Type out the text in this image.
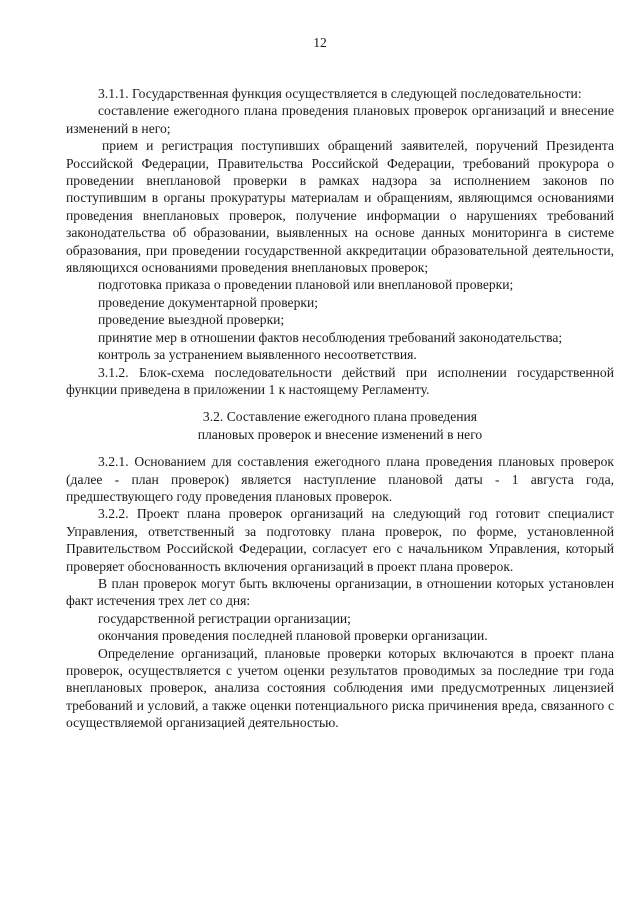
12

3.1.1. Государственная функция осуществляется в следующей последовательности:

составление ежегодного плана проведения плановых проверок организаций и внесение изменений в него;

прием и регистрация поступивших обращений заявителей, поручений Президента Российской Федерации, Правительства Российской Федерации, требований прокурора о проведении внеплановой проверки в рамках надзора за исполнением законов по поступившим в органы прокуратуры материалам и обращениям, являющимся основаниями проведения внеплановых проверок, получение информации о нарушениях требований законодательства об образовании, выявленных на основе данных мониторинга в системе образования, при проведении государственной аккредитации образовательной деятельности, являющихся основаниями проведения внеплановых проверок;

подготовка приказа о проведении плановой или внеплановой проверки;

проведение документарной проверки;

проведение выездной проверки;

принятие мер в отношении фактов несоблюдения требований законодательства;

контроль за устранением выявленного несоответствия.

3.1.2. Блок-схема последовательности действий при исполнении государственной функции приведена в приложении 1 к настоящему Регламенту.

3.2. Составление ежегодного плана проведения

плановых проверок и внесение изменений в него

3.2.1. Основанием для составления ежегодного плана проведения плановых проверок (далее - план проверок) является наступление плановой даты - 1 августа года, предшествующего году проведения плановых проверок.

3.2.2. Проект плана проверок организаций на следующий год готовит специалист Управления, ответственный за подготовку плана проверок, по форме, установленной Правительством Российской Федерации, согласует его с начальником Управления, который проверяет обоснованность включения организаций в проект плана проверок.

В план проверок могут быть включены организации, в отношении которых установлен факт истечения трех лет со дня:

государственной регистрации организации;

окончания проведения последней плановой проверки организации.

Определение организаций, плановые проверки которых включаются в проект плана проверок, осуществляется с учетом оценки результатов проводимых за последние три года внеплановых проверок, анализа состояния соблюдения ими предусмотренных лицензией требований и условий, а также оценки потенциального риска причинения вреда, связанного с осуществляемой организацией деятельностью.
